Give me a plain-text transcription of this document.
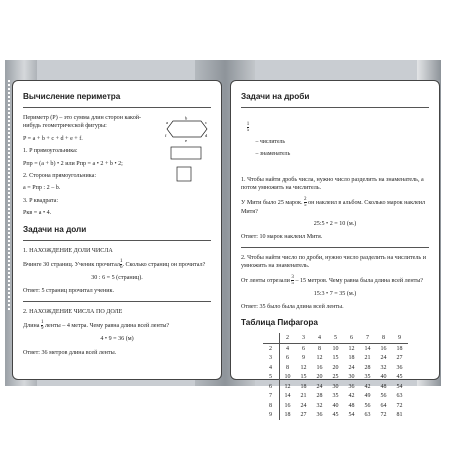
Вычисление периметра
Периметр (P) – это сумма длин сторон какой-нибудь геометрической фигуры:
P = a + b + c + d + e + f.
1. P прямоугольника:
Pпр = (a + b) • 2 или Pпр = a • 2 + b • 2;
2. Сторона прямоугольника:
a = Pпр : 2 – b.
3. P квадрата:
Pкв = a • 4.
a
b
c
d
e
f
Задачи на доли
1. НАХОЖДЕНИЕ ДОЛИ ЧИСЛА
Вчинге 30 страниц. Ученик прочитал $\frac{1}{6}$ . Сколько страниц он прочитал?
30 : 6 = 5 (страниц).
Ответ: 5 страниц прочитал ученик.
2. НАХОЖДЕНИЕ ЧИСЛА ПО ДОЛЕ
Длина $\frac{1}{9}$ ленты – 4 метра. Чему равна длина всей ленты?
4 • 9 = 36 (м)
Ответ: 36 метров длина всей ленты.
Задачи на дроби

$\frac{1}{5}$

– числитель

– знаменатель

1. Чтобы найти дробь числа, нужно число разделить на знаменатель, а потом умножить на числитель.
У Мити было 25 марок. $\frac{2}{5}$ он наклеил в альбом. Сколько марок наклеил Митя?
25:5 • 2 = 10 (м.)
Ответ: 10 марок наклеил Митя.
2. Чтобы найти число по дроби, нужно число разделить на числитель и умножить на знаменатель.
От ленты отрезали $\frac{3}{5} - 15$ метров. Чему равна была длина всей ленты?
15:3 • 7 = 35 (м.)
Ответ: 35 было была длина всей ленты.
Таблица Пифагора
	2	3	4	5	6	7	8	9
2	4	6	8	10	12	14	16	18
3	6	9	12	15	18	21	24	27
4	8	12	16	20	24	28	32	36
5	10	15	20	25	30	35	40	45
6	12	18	24	30	36	42	48	54
7	14	21	28	35	42	49	56	63
8	16	24	32	40	48	56	64	72
9	18	27	36	45	54	63	72	81
